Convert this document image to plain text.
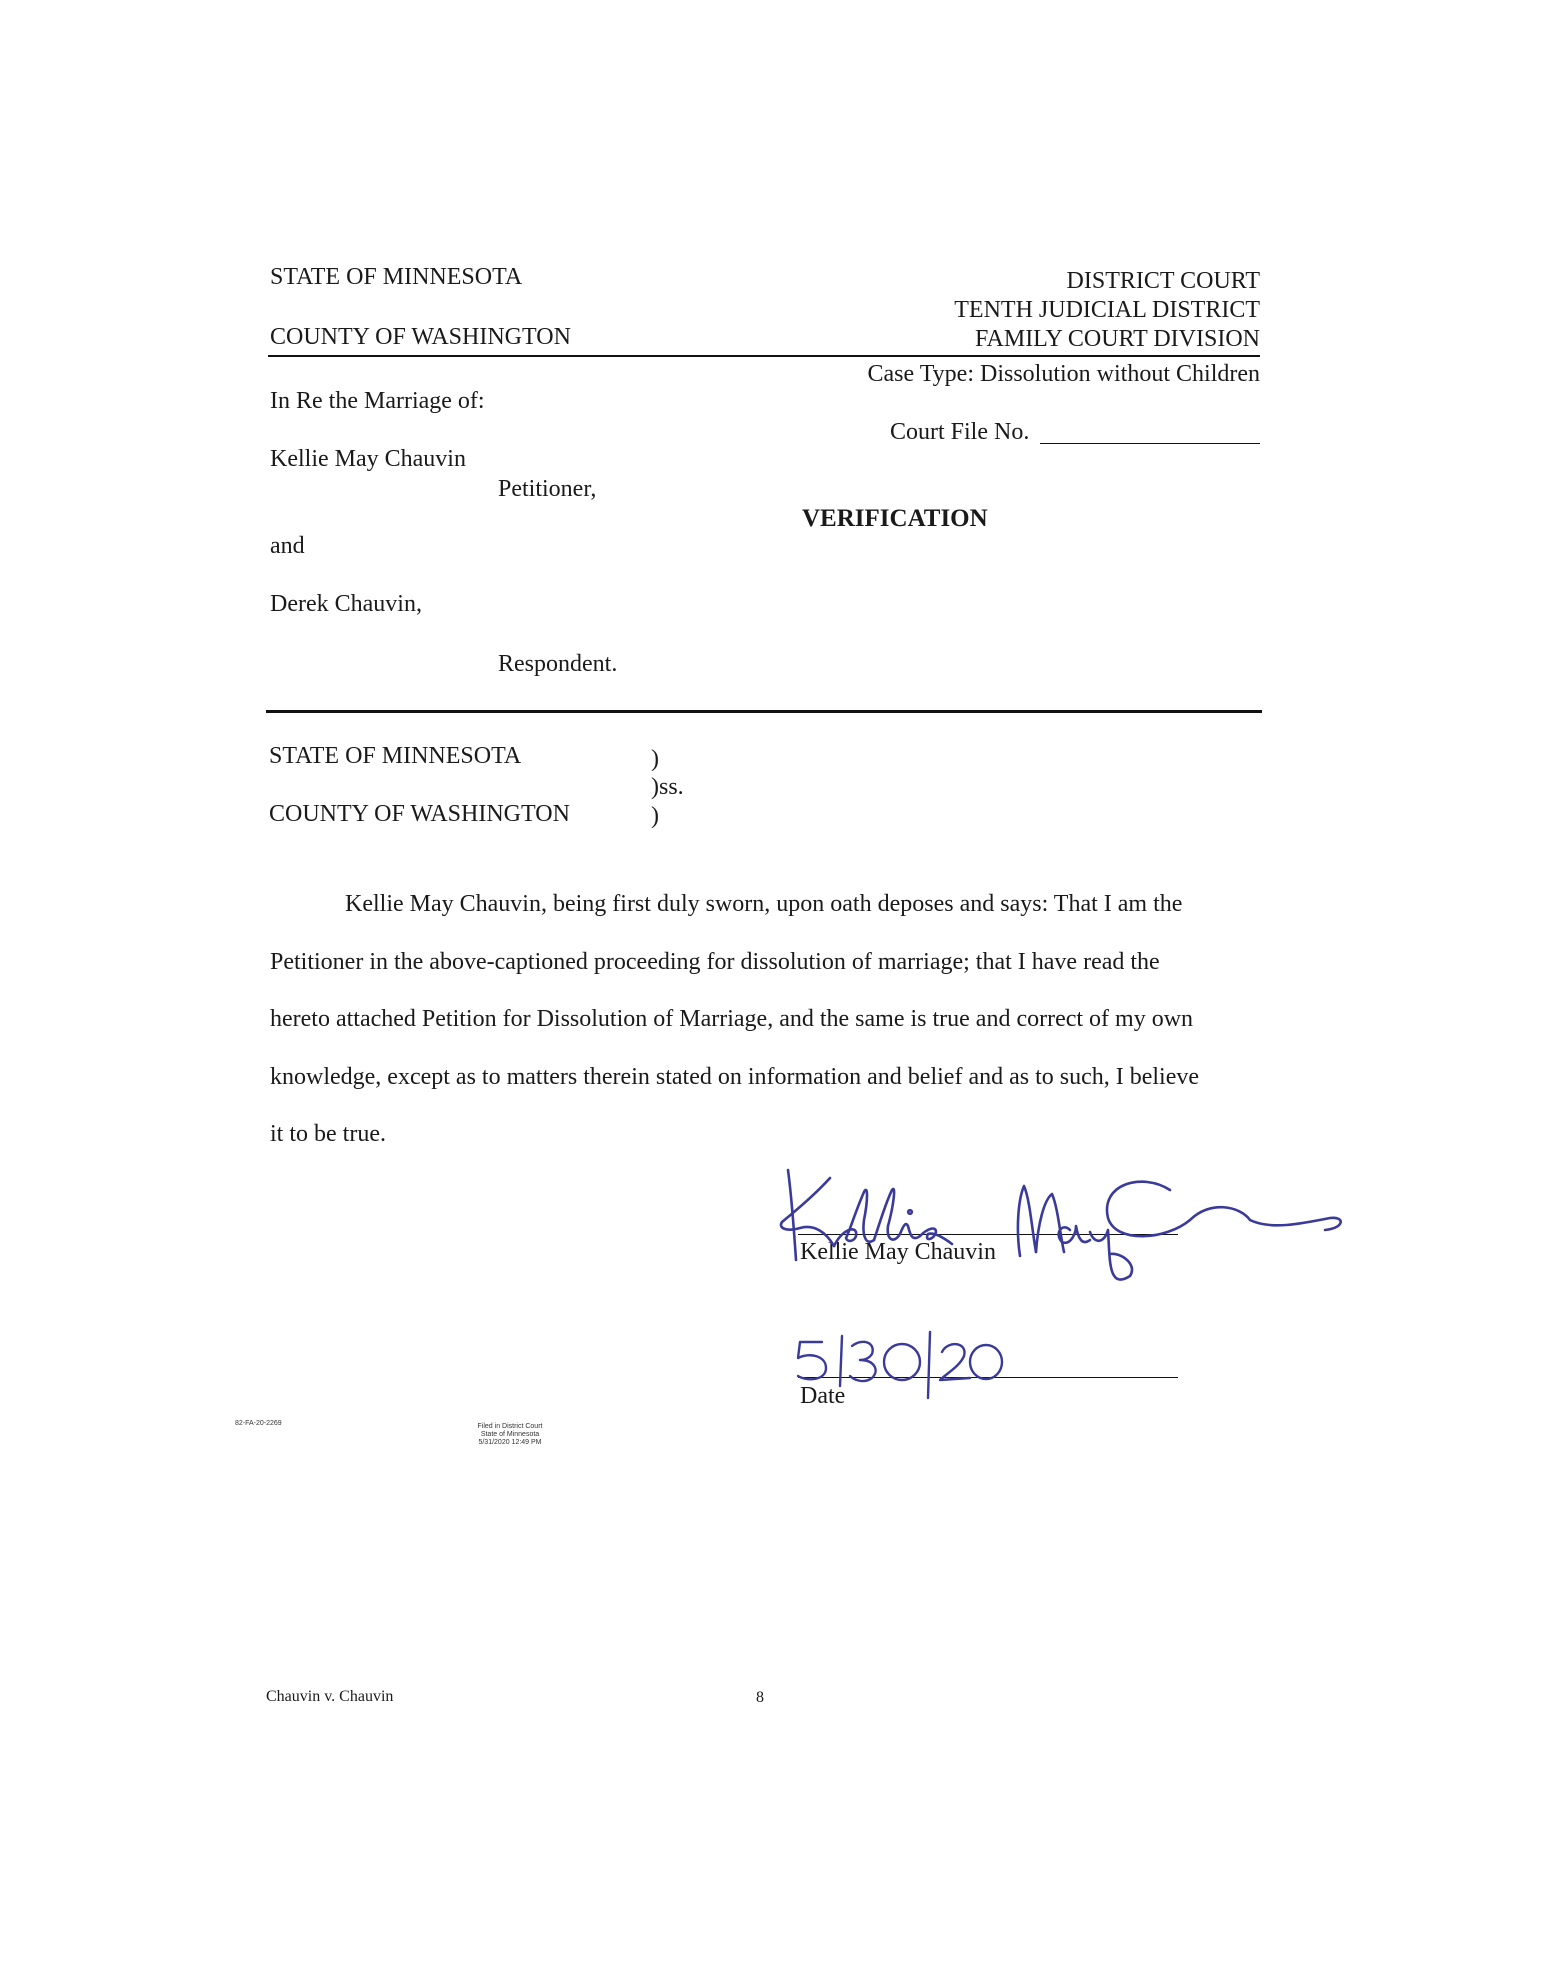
STATE OF MINNESOTA
COUNTY OF WASHINGTON
DISTRICT COURT
TENTH JUDICIAL DISTRICT
FAMILY COURT DIVISION
Case Type: Dissolution without Children
In Re the Marriage of:
Court File No.
Kellie May Chauvin
Petitioner,
VERIFICATION
and
Derek Chauvin,
Respondent.
STATE OF MINNESOTA	)
)ss.
COUNTY OF WASHINGTON	)
Kellie May Chauvin, being first duly sworn, upon oath deposes and says: That I am the
Petitioner in the above-captioned proceeding for dissolution of marriage; that I have read the
hereto attached Petition for Dissolution of Marriage, and the same is true and correct of my own
knowledge, except as to matters therein stated on information and belief and as to such, I believe
it to be true.
Kellie May Chauvin
Date
82-FA-20-2269	Filed in District Court
State of Minnesota
5/31/2020 12:49 PM
Chauvin v. Chauvin	8
